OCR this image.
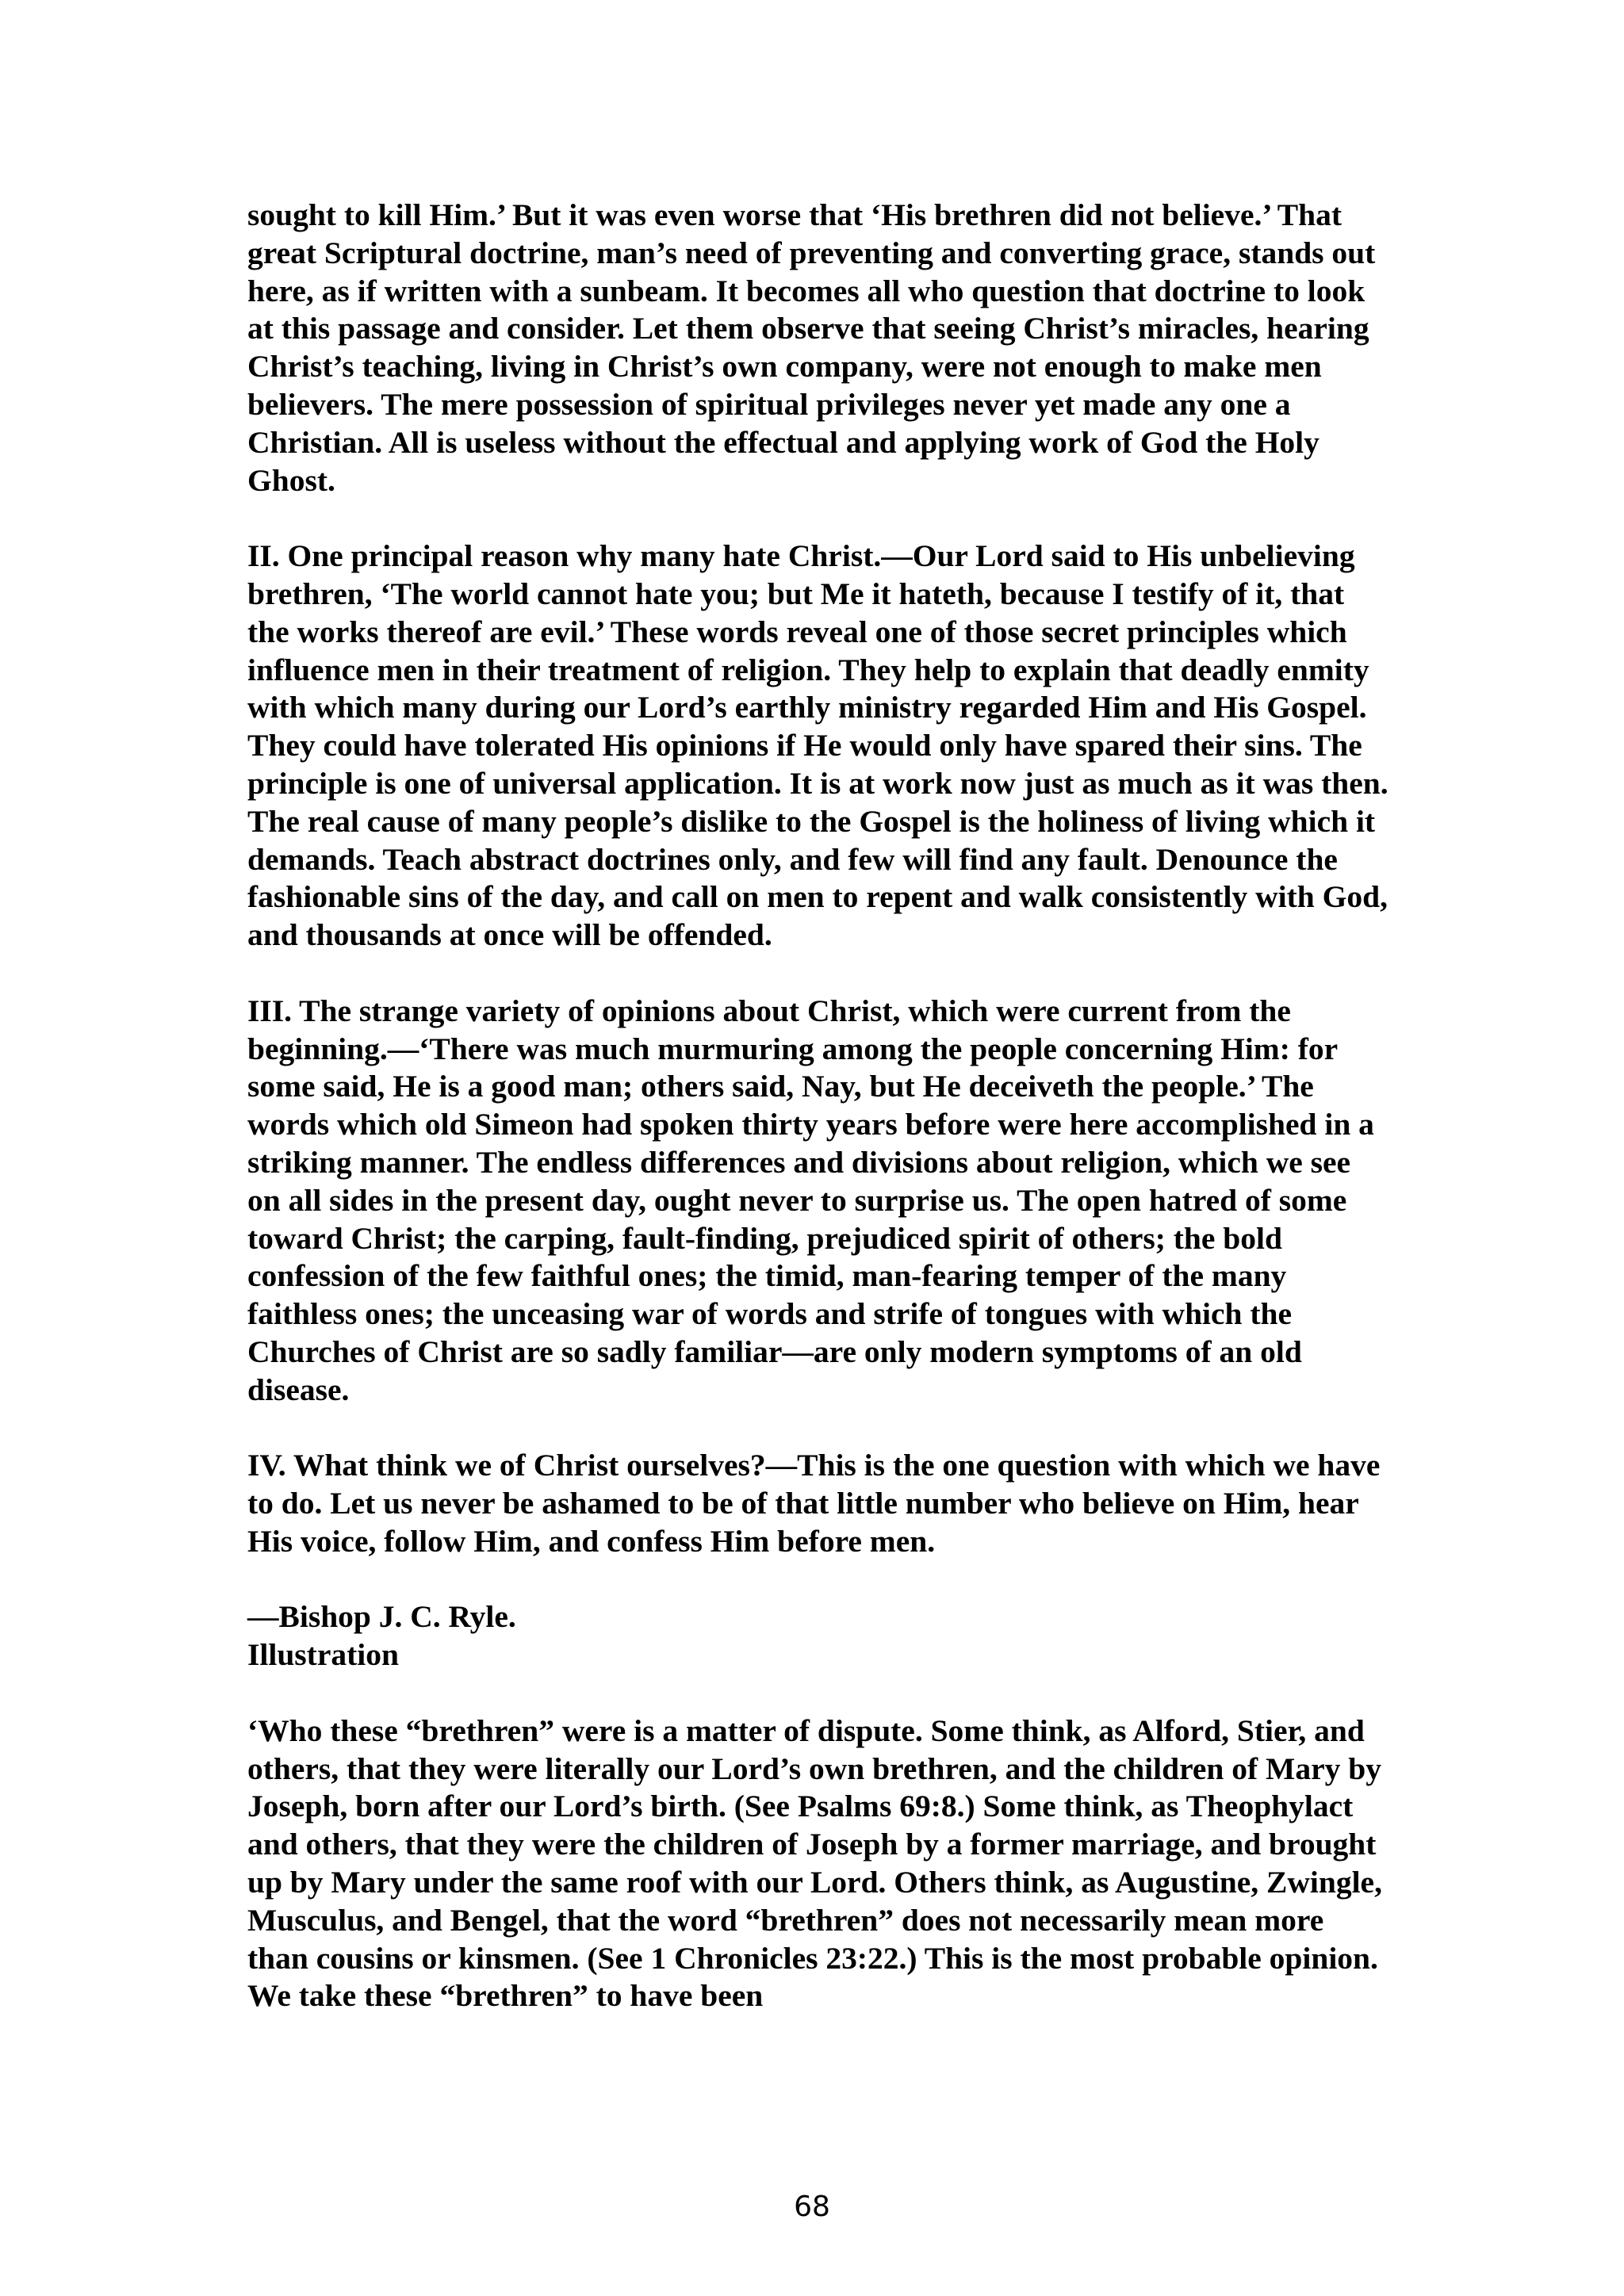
sought to kill Him.’ But it was even worse that ‘His brethren did not believe.’ That great Scriptural doctrine, man’s need of preventing and converting grace, stands out here, as if written with a sunbeam. It becomes all who question that doctrine to look at this passage and consider. Let them observe that seeing Christ’s miracles, hearing Christ’s teaching, living in Christ’s own company, were not enough to make men believers. The mere possession of spiritual privileges never yet made any one a Christian. All is useless without the effectual and applying work of God the Holy Ghost.

II. One principal reason why many hate Christ.—Our Lord said to His unbelieving brethren, ‘The world cannot hate you; but Me it hateth, because I testify of it, that the works thereof are evil.’ These words reveal one of those secret principles which influence men in their treatment of religion. They help to explain that deadly enmity with which many during our Lord’s earthly ministry regarded Him and His Gospel. They could have tolerated His opinions if He would only have spared their sins. The principle is one of universal application. It is at work now just as much as it was then. The real cause of many people’s dislike to the Gospel is the holiness of living which it demands. Teach abstract doctrines only, and few will find any fault. Denounce the fashionable sins of the day, and call on men to repent and walk consistently with God, and thousands at once will be offended.

III. The strange variety of opinions about Christ, which were current from the beginning.—‘There was much murmuring among the people concerning Him: for some said, He is a good man; others said, Nay, but He deceiveth the people.’ The words which old Simeon had spoken thirty years before were here accomplished in a striking manner. The endless differences and divisions about religion, which we see on all sides in the present day, ought never to surprise us. The open hatred of some toward Christ; the carping, fault-finding, prejudiced spirit of others; the bold confession of the few faithful ones; the timid, man-fearing temper of the many faithless ones; the unceasing war of words and strife of tongues with which the Churches of Christ are so sadly familiar—are only modern symptoms of an old disease.

IV. What think we of Christ ourselves?—This is the one question with which we have to do. Let us never be ashamed to be of that little number who believe on Him, hear His voice, follow Him, and confess Him before men.

—Bishop J. C. Ryle.

Illustration

‘Who these “brethren” were is a matter of dispute. Some think, as Alford, Stier, and others, that they were literally our Lord’s own brethren, and the children of Mary by Joseph, born after our Lord’s birth. (See Psalms 69:8.) Some think, as Theophylact and others, that they were the children of Joseph by a former marriage, and brought up by Mary under the same roof with our Lord. Others think, as Augustine, Zwingle, Musculus, and Bengel, that the word “brethren” does not necessarily mean more than cousins or kinsmen. (See 1 Chronicles 23:22.) This is the most probable opinion. We take these “brethren” to have been

68
